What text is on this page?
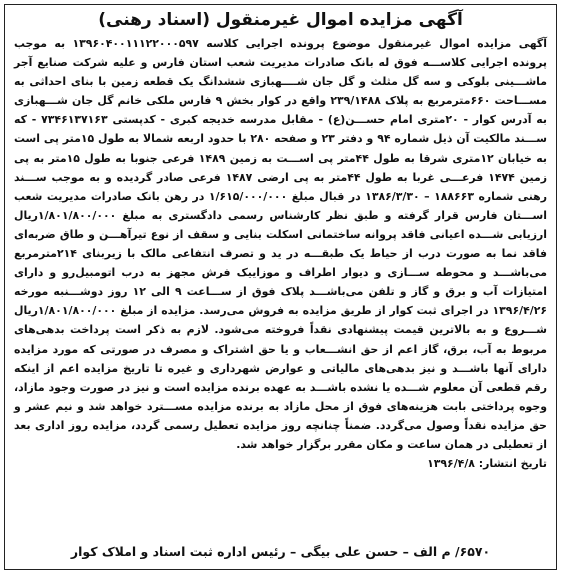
آگهی مزایده اموال غیرمنقول (اسناد رهنی)

آگهی مزایده اموال غیرمنقول موضوع پرونده اجرایی کلاسه ۱۳۹۶۰۴۰۰۱۱۱۲۲۰۰۰۵۹۷ به موجب پرونده اجرایی کلاســـه فوق له بانک صادرات مدیریت شعب استان فارس و علیه شرکت صنایع آجر ماشـــینی بلوکی و سه گل مثلث و گل جان شــــهبازی ششدانگ یک قطعه زمین با بنای احداثی به مســـاحت ۶۶۰مترمربع به پلاک ۲۳۹/۱۴۸۸ واقع در کوار بخش ۹ فارس ملکی خانم گل جان شـــهبازی به آدرس کوار - ۲۰متری امام حســـن(ع) - مقابل مدرسه خدیجه کبری - کدپستی ۷۳۴۶۱۳۷۱۶۳ - که ســـند مالکیت آن ذیل شماره ۹۴ و دفتر ۲۳ و صفحه ۲۸۰ با حدود اربعه شمالا به طول ۱۵متر پی است به خیابان ۱۲متری شرقا به طول ۴۴متر پی اســـت به زمین ۱۴۸۹ فرعی جنوبا به طول ۱۵متر به پی زمین ۱۴۷۴ فرعـــی غربا به طول ۴۴متر به پی ارضی ۱۴۸۷ فرعی صادر گردیده و به موجب ســـند رهنی شماره ۱۸۸۶۶۳ – ۱۳۸۶/۳/۳۰ در قبال مبلغ ۱/۶۱۵/۰۰۰/۰۰۰ در رهن بانک صادرات مدیریت شعب اســـتان فارس قرار گرفته و طبق نظر کارشناس رسمی دادگستری به مبلغ ۱/۸۰۱/۸۰۰/۰۰۰ریال ارزیابی شـــده اعیانی فاقد پروانه ساختمانی اسکلت بنایی و سقف از نوع تیرآهـــن و طاق ضربه‌ای فاقد نما به صورت درب از حیاط یک طبقـــه در ید و تصرف انتفاعی مالک با زیربنای ۲۱۴مترمربع می‌باشـــد و محوطه ســـازی و دیوار اطراف و موزاییک فرش مجهز به درب اتومبیل‌رو و دارای امتیازات آب و برق و گاز و تلفن می‌باشـــد پلاک فوق از ســـاعت ۹ الی ۱۲ روز دوشـــنبه مورخه ۱۳۹۶/۴/۲۶ در اجرای ثبت کوار از طریق مزایده به فروش می‌رسد. مزایده از مبلغ ۱/۸۰۱/۸۰۰/۰۰۰ریال شـــروع و به بالاترین قیمت پیشنهادی نقداً فروخته می‌شود. لازم به ذکر است پرداخت بدهی‌های مربوط به آب، برق، گاز اعم از حق انشـــعاب و یا حق اشتراک و مصرف در صورتی که مورد مزایده دارای آنها باشـــد و نیز بدهی‌های مالیاتی و عوارض شهرداری و غیره تا تاریخ مزایده اعم از اینکه رقم قطعی آن معلوم شـــده یا نشده باشـــد به عهده برنده مزایده است و نیز در صورت وجود مازاد، وجوه پرداختی بابت هزینه‌های فوق از محل مازاد به برنده مزایده مســـترد خواهد شد و نیم عشر و حق مزایده نقداً وصول می‌گردد. ضمناً چنانچه روز مزایده تعطیل رسمی گردد، مزایده روز اداری بعد از تعطیلی در همان ساعت و مکان مقرر برگزار خواهد شد.

تاریخ انتشار: ۱۳۹۶/۴/۸
۶۵۷۰/ م الف – حسن علی بیگی – رئیس اداره ثبت اسناد و املاک کوار
